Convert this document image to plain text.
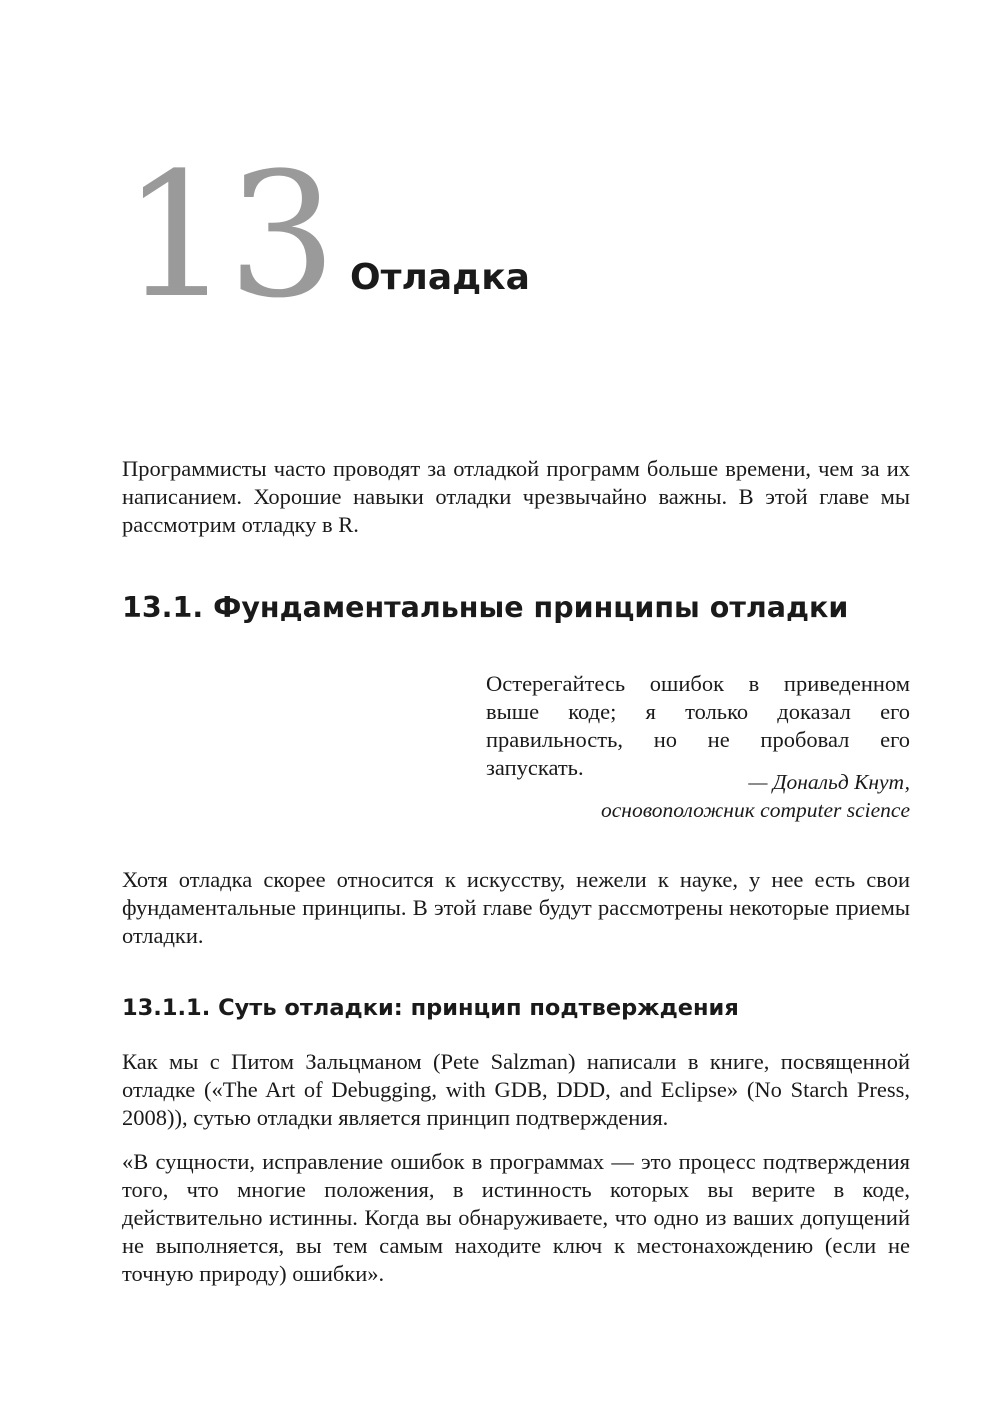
13 Отладка

Программисты часто проводят за отладкой программ больше времени, чем за их написанием. Хорошие навыки отладки чрезвычайно важны. В этой главе мы рассмотрим отладку в R.

13.1. Фундаментальные принципы отладки

Остерегайтесь ошибок в приведенном выше коде; я только доказал его правильность, но не пробовал его запускать.

— Дональд Кнут,
основоположник computer science

Хотя отладка скорее относится к искусству, нежели к науке, у нее есть свои фундаментальные принципы. В этой главе будут рассмотрены некоторые приемы отладки.

13.1.1. Суть отладки: принцип подтверждения

Как мы с Питом Зальцманом (Pete Salzman) написали в книге, посвященной отладке («The Art of Debugging, with GDB, DDD, and Eclipse» (No Starch Press, 2008)), сутью отладки является принцип подтверждения.

«В сущности, исправление ошибок в программах — это процесс подтверждения того, что многие положения, в истинность которых вы верите в коде, действительно истинны. Когда вы обнаруживаете, что одно из ваших допущений не выполняется, вы тем самым находите ключ к местонахождению (если не точную природу) ошибки».
